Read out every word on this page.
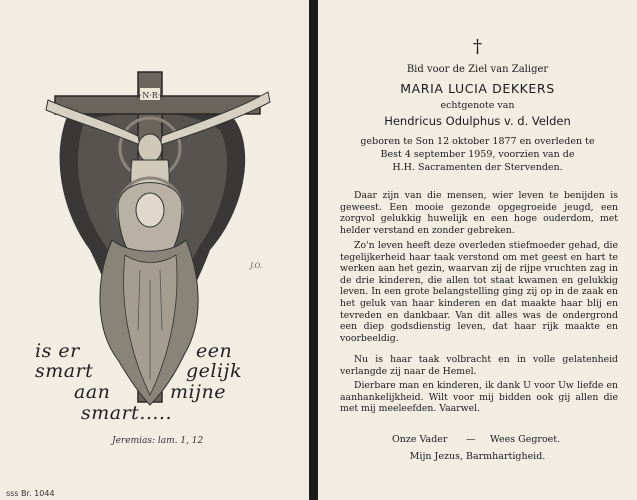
I·N·R·I
J.O.
is er	een
smart	gelijk
aan	mijne
smart.....
Jeremias: lam. 1, 12
sss Br. 1044
†
Bid voor de Ziel van Zaliger
MARIA LUCIA DEKKERS
echtgenote van
Hendricus Odulphus v. d. Velden
geboren te Son 12 oktober 1877 en overleden te
Best 4 september 1959, voorzien van de
H.H. Sacramenten der Stervenden.
Daar zijn van die mensen, wier leven te benijden is geweest. Een mooie gezonde opgegroeide jeugd, een zorgvol gelukkig huwelijk en een hoge ouderdom, met helder verstand en zonder gebreken.
Zo'n leven heeft deze overleden stiefmoeder gehad, die tegelijkerheid haar taak verstond om met geest en hart te werken aan het gezin, waarvan zij de rijpe vruchten zag in de drie kinderen, die allen tot staat kwamen en gelukkig leven. In een grote belangstelling ging zij op in de zaak en het geluk van haar kinderen en dat maakte haar blij en tevreden en dankbaar. Van dit alles was de ondergrond een diep godsdienstig leven, dat haar rijk maakte en voorbeeldig.
Nu is haar taak volbracht en in volle gelatenheid verlangde zij naar de Hemel.
Dierbare man en kinderen, ik dank U voor Uw liefde en aanhankelijkheid. Wilt voor mij bidden ook gij allen die met mij meeleefden. Vaarwel.
Onze Vader — Wees Gegroet.
Mijn Jezus, Barmhartigheid.
